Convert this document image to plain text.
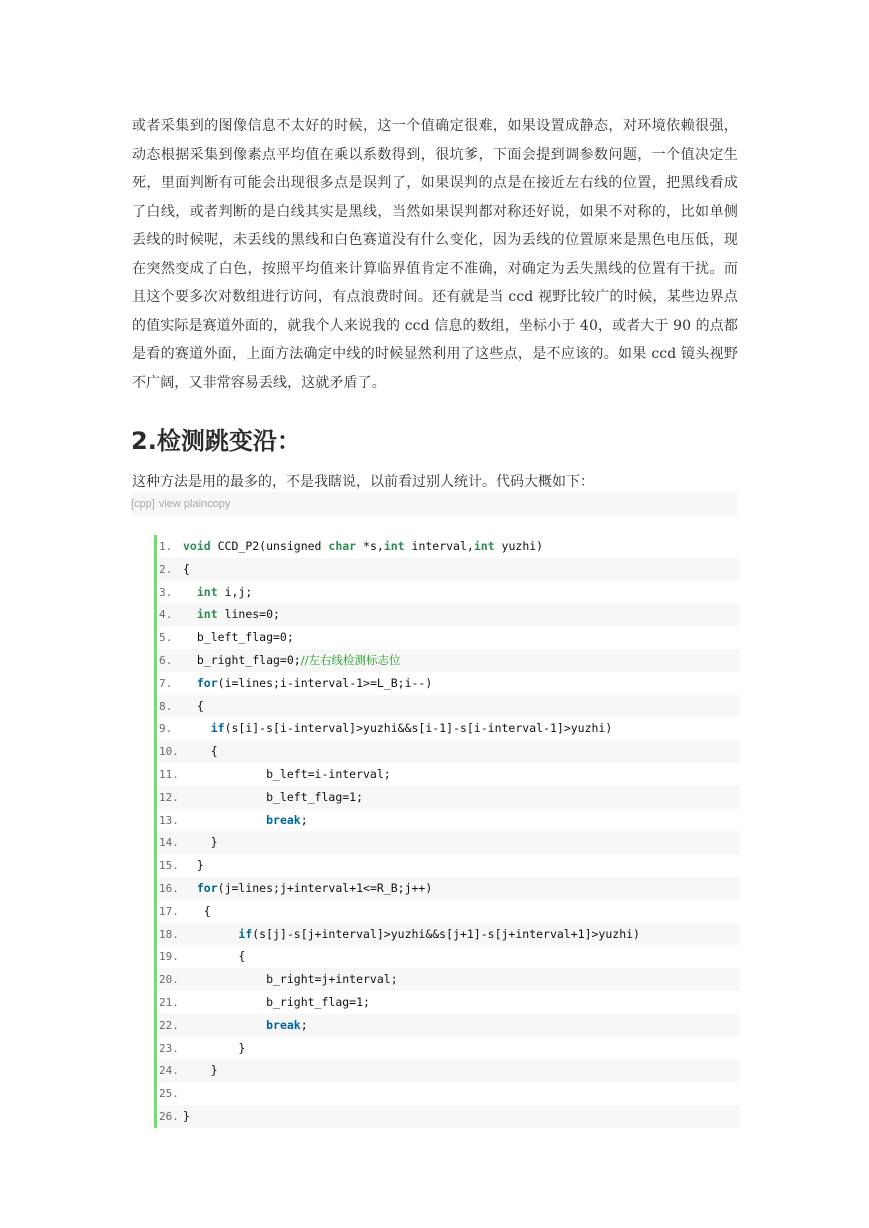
或者采集到的图像信息不太好的时候，这一个值确定很难，如果设置成静态，对环境依赖很强，动态根据采集到像素点平均值在乘以系数得到，很坑爹，下面会提到调参数问题，一个值决定生死，里面判断有可能会出现很多点是误判了，如果误判的点是在接近左右线的位置，把黑线看成了白线，或者判断的是白线其实是黑线，当然如果误判都对称还好说，如果不对称的，比如单侧丢线的时候呢，未丢线的黑线和白色赛道没有什么变化，因为丢线的位置原来是黑色电压低，现在突然变成了白色，按照平均值来计算临界值肯定不准确，对确定为丢失黑线的位置有干扰。而且这个要多次对数组进行访问，有点浪费时间。还有就是当 ccd 视野比较广的时候，某些边界点的值实际是赛道外面的，就我个人来说我的 ccd 信息的数组，坐标小于 40，或者大于 90 的点都是看的赛道外面，上面方法确定中线的时候显然利用了这些点，是不应该的。如果 ccd 镜头视野不广阔，又非常容易丢线，这就矛盾了。

2.检测跳变沿：

这种方法是用的最多的，不是我瞎说，以前看过别人统计。代码大概如下：

[cpp] view plaincopy
1. void CCD_P2(unsigned char *s,int interval,int yuzhi)
2. {
3. int i,j;
4. int lines=0;
5.  b_left_flag=0;
6.  b_right_flag=0;//左右线检测标志位
7. for(i=lines;i-interval-1>=L_B;i--)
8.  {
9.	if(s[i]-s[i-interval]>yuzhi&&s[i-1]-s[i-interval-1]>yuzhi)
10.    {
11.            b_left=i-interval;
12.            b_left_flag=1;
13.	break;
14.    }
15.  }
16. for(j=lines;j+interval+1<=R_B;j++)
17.   {
18.	if(s[j]-s[j+interval]>yuzhi&&s[j+1]-s[j+interval+1]>yuzhi)
19.        {
20.            b_right=j+interval;
21.            b_right_flag=1;
22.	break;
23.        }
24.    }
25.
26. }
